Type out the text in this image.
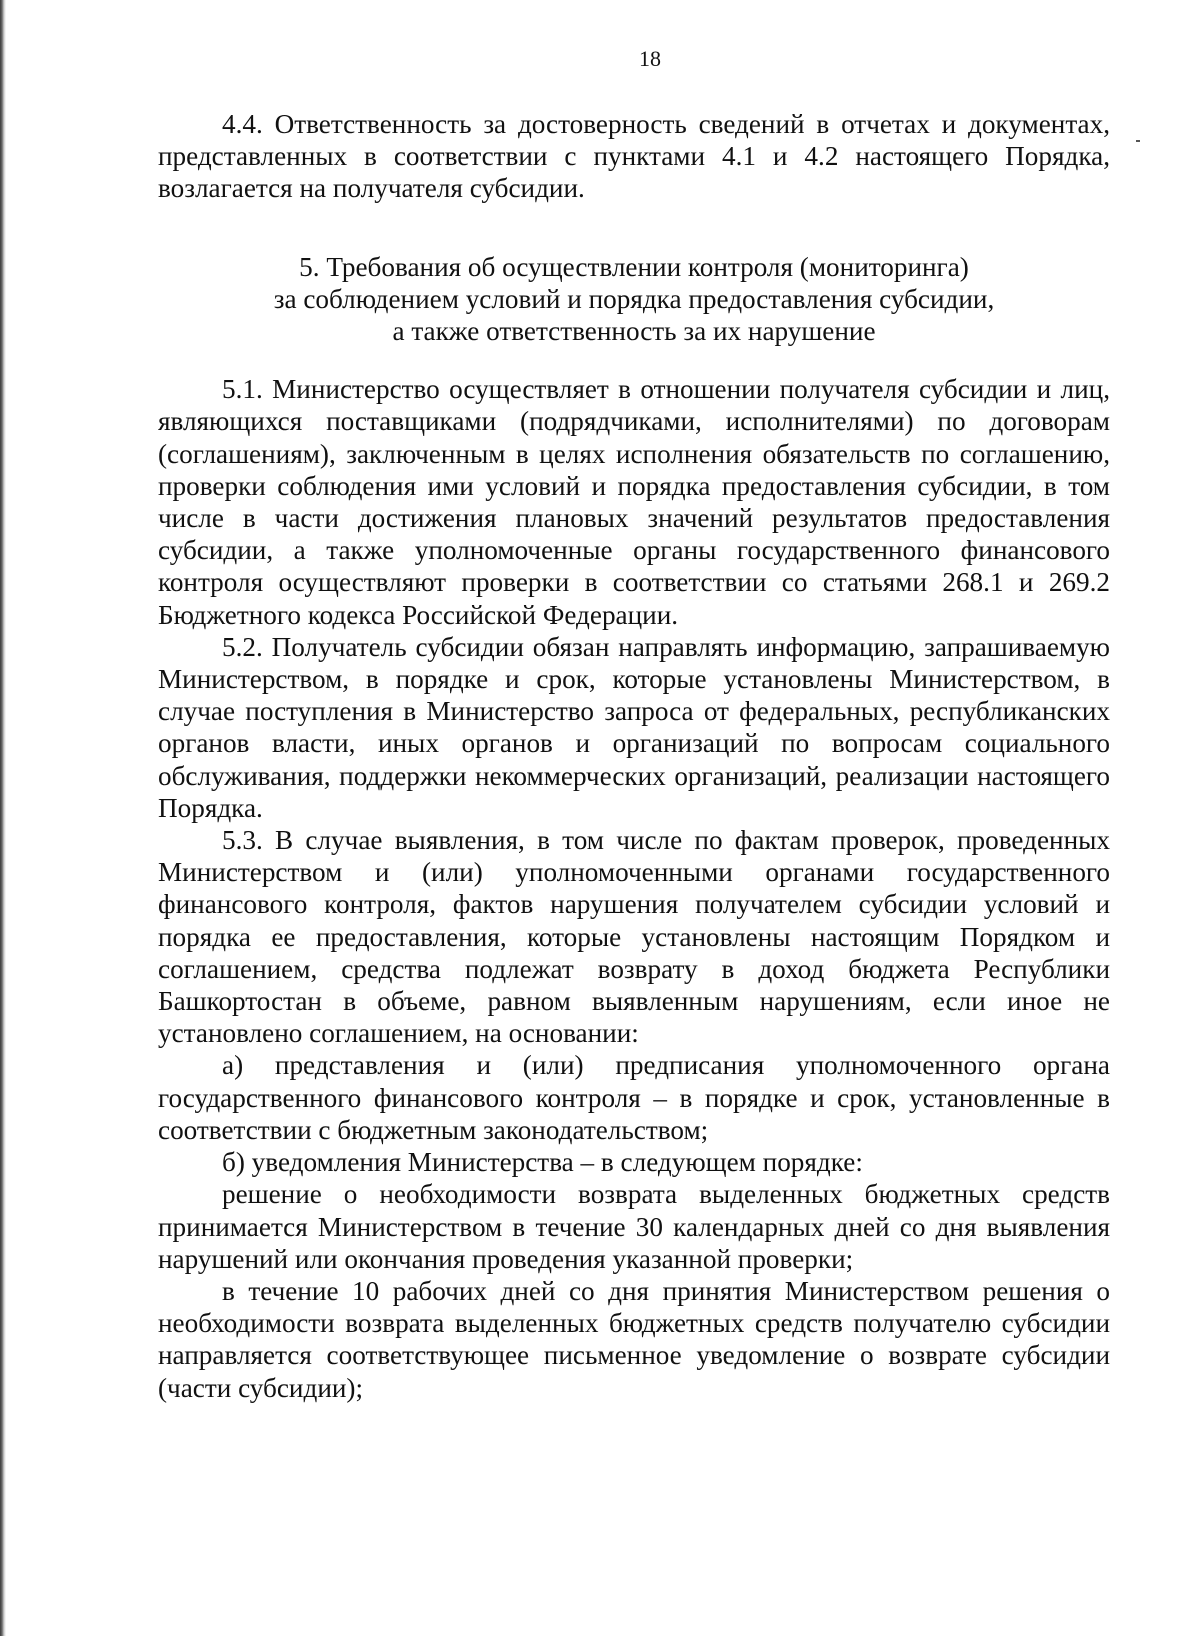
18

4.4. Ответственность за достоверность сведений в отчетах и документах, представленных в соответствии с пунктами 4.1 и 4.2 настоящего Порядка, возлагается на получателя субсидии.

5. Требования об осуществлении контроля (мониторинга)

за соблюдением условий и порядка предоставления субсидии,

а также ответственность за их нарушение

5.1. Министерство осуществляет в отношении получателя субсидии и лиц, являющихся поставщиками (подрядчиками, исполнителями) по договорам (соглашениям), заключенным в целях исполнения обязательств по соглашению, проверки соблюдения ими условий и порядка предоставления субсидии, в том числе в части достижения плановых значений результатов предоставления субсидии, а также уполномоченные органы государственного финансового контроля осуществляют проверки в соответствии со статьями 268.1 и 269.2 Бюджетного кодекса Российской Федерации.

5.2. Получатель субсидии обязан направлять информацию, запрашиваемую Министерством, в порядке и срок, которые установлены Министерством, в случае поступления в Министерство запроса от федеральных, республиканских органов власти, иных органов и организаций по вопросам социального обслуживания, поддержки некоммерческих организаций, реализации настоящего Порядка.

5.3. В случае выявления, в том числе по фактам проверок, проведенных Министерством и (или) уполномоченными органами государственного финансового контроля, фактов нарушения получателем субсидии условий и порядка ее предоставления, которые установлены настоящим Порядком и соглашением, средства подлежат возврату в доход бюджета Республики Башкортостан в объеме, равном выявленным нарушениям, если иное не установлено соглашением, на основании:

а) представления и (или) предписания уполномоченного органа государственного финансового контроля – в порядке и срок, установленные в соответствии с бюджетным законодательством;

б) уведомления Министерства – в следующем порядке:

решение о необходимости возврата выделенных бюджетных средств принимается Министерством в течение 30 календарных дней со дня выявления нарушений или окончания проведения указанной проверки;

в течение 10 рабочих дней со дня принятия Министерством решения о необходимости возврата выделенных бюджетных средств получателю субсидии направляется соответствующее письменное уведомление о возврате субсидии (части субсидии);
